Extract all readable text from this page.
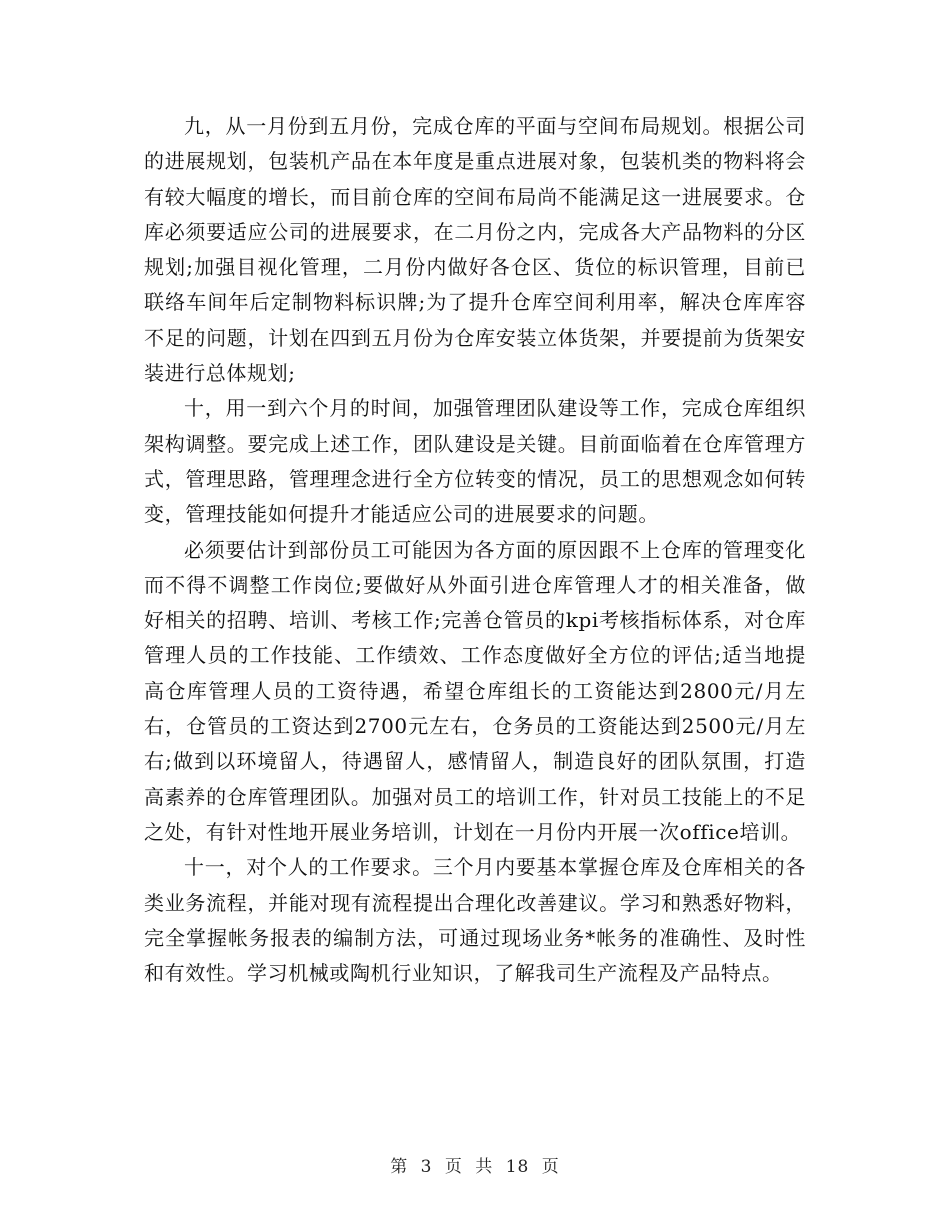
九，从一月份到五月份，完成仓库的平面与空间布局规划。根据公司的进展规划，包装机产品在本年度是重点进展对象，包装机类的物料将会有较大幅度的增长，而目前仓库的空间布局尚不能满足这一进展要求。仓库必须要适应公司的进展要求，在二月份之内，完成各大产品物料的分区规划;加强目视化管理，二月份内做好各仓区、货位的标识管理，目前已联络车间年后定制物料标识牌;为了提升仓库空间利用率，解决仓库库容不足的问题，计划在四到五月份为仓库安装立体货架，并要提前为货架安装进行总体规划;

十，用一到六个月的时间，加强管理团队建设等工作，完成仓库组织架构调整。要完成上述工作，团队建设是关键。目前面临着在仓库管理方式，管理思路，管理理念进行全方位转变的情况，员工的思想观念如何转变，管理技能如何提升才能适应公司的进展要求的问题。

必须要估计到部份员工可能因为各方面的原因跟不上仓库的管理变化而不得不调整工作岗位;要做好从外面引进仓库管理人才的相关准备，做好相关的招聘、培训、考核工作;完善仓管员的kpi考核指标体系，对仓库管理人员的工作技能、工作绩效、工作态度做好全方位的评估;适当地提高仓库管理人员的工资待遇，希望仓库组长的工资能达到2800元/月左右，仓管员的工资达到2700元左右，仓务员的工资能达到2500元/月左右;做到以环境留人，待遇留人，感情留人，制造良好的团队氛围，打造高素养的仓库管理团队。加强对员工的培训工作，针对员工技能上的不足之处，有针对性地开展业务培训，计划在一月份内开展一次office培训。

十一，对个人的工作要求。三个月内要基本掌握仓库及仓库相关的各类业务流程，并能对现有流程提出合理化改善建议。学习和熟悉好物料，完全掌握帐务报表的编制方法，可通过现场业务*帐务的准确性、及时性和有效性。学习机械或陶机行业知识，了解我司生产流程及产品特点。

第 3 页 共 18 页
